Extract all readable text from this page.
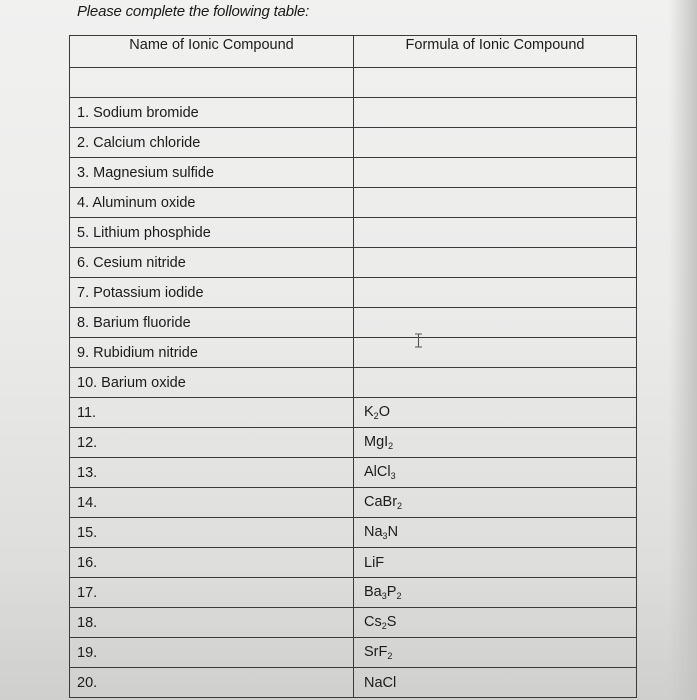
Please complete the following table:
Name of Ionic Compound	Formula of Ionic Compound

1. Sodium bromide	
2. Calcium chloride	
3. Magnesium sulfide	
4. Aluminum oxide	
5. Lithium phosphide	
6. Cesium nitride	
7. Potassium iodide	
8. Barium fluoride	
9. Rubidium nitride	
10. Barium oxide	
11.	$K_2O$
12.	MgI$_2$
13.	AlCl$_3$
14.	CaBr$_2$
15.	$Na_3N$
16.	LiF
17.	$Ba_3P_2$
18.	$Cs_2S$
19.	SrF$_2$
20.	NaCl
